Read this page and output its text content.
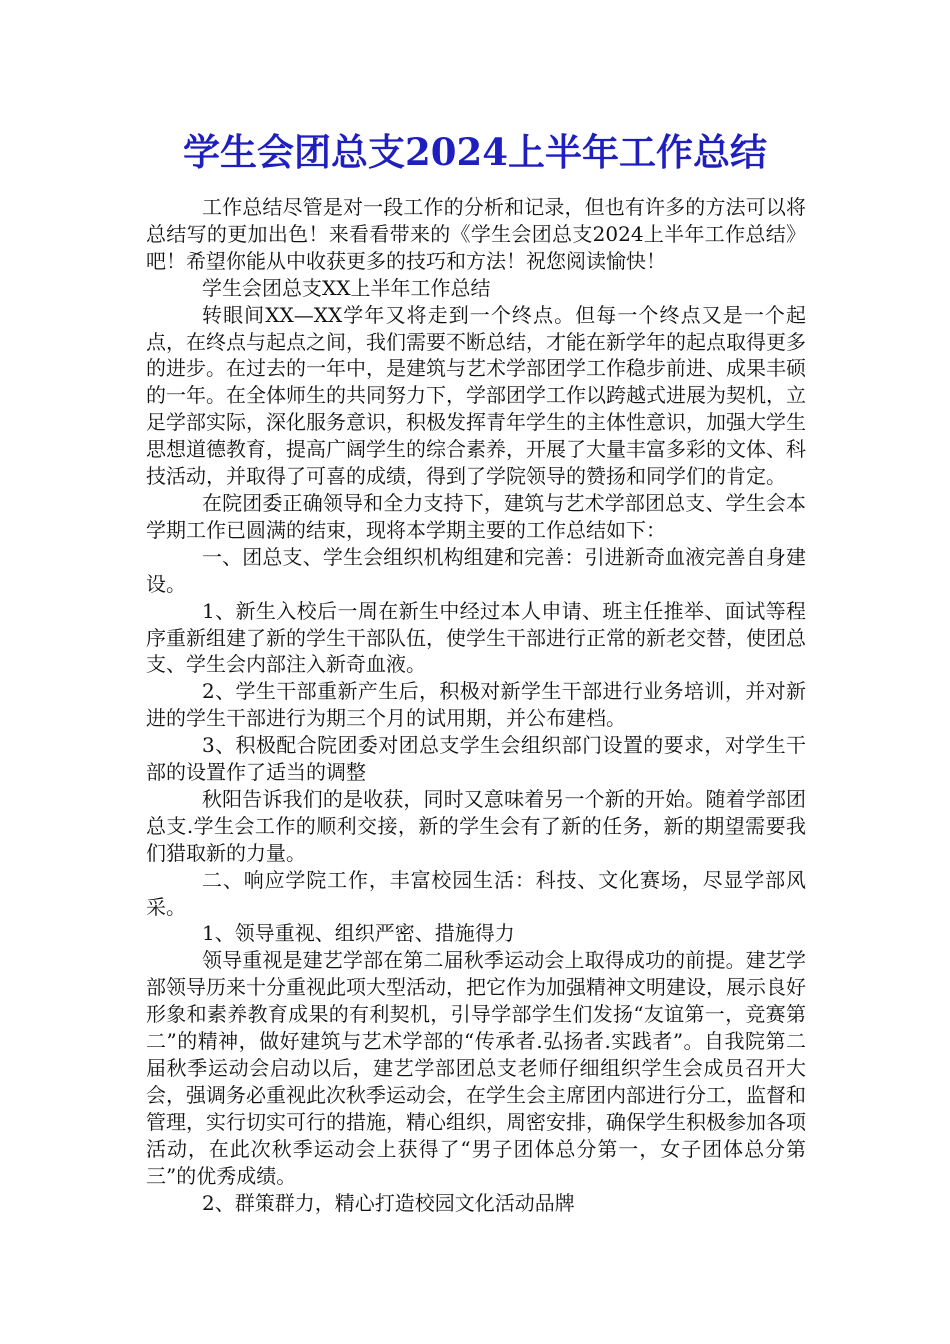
学生会团总支2024上半年工作总结

工作总结尽管是对一段工作的分析和记录，但也有许多的方法可以将总结写的更加出色！来看看带来的《学生会团总支2024上半年工作总结》吧！希望你能从中收获更多的技巧和方法！祝您阅读愉快！

学生会团总支XX上半年工作总结

转眼间XX—XX学年又将走到一个终点。但每一个终点又是一个起点，在终点与起点之间，我们需要不断总结，才能在新学年的起点取得更多的进步。在过去的一年中，是建筑与艺术学部团学工作稳步前进、成果丰硕的一年。在全体师生的共同努力下，学部团学工作以跨越式进展为契机，立足学部实际，深化服务意识，积极发挥青年学生的主体性意识，加强大学生思想道德教育，提高广阔学生的综合素养，开展了大量丰富多彩的文体、科技活动，并取得了可喜的成绩，得到了学院领导的赞扬和同学们的肯定。

在院团委正确领导和全力支持下，建筑与艺术学部团总支、学生会本学期工作已圆满的结束，现将本学期主要的工作总结如下：

一、团总支、学生会组织机构组建和完善：引进新奇血液完善自身建设。

1、新生入校后一周在新生中经过本人申请、班主任推举、面试等程序重新组建了新的学生干部队伍，使学生干部进行正常的新老交替，使团总支、学生会内部注入新奇血液。

2、学生干部重新产生后，积极对新学生干部进行业务培训，并对新进的学生干部进行为期三个月的试用期，并公布建档。

3、积极配合院团委对团总支学生会组织部门设置的要求，对学生干部的设置作了适当的调整

秋阳告诉我们的是收获，同时又意味着另一个新的开始。随着学部团总支.学生会工作的顺利交接，新的学生会有了新的任务，新的期望需要我们猎取新的力量。

二、响应学院工作，丰富校园生活：科技、文化赛场，尽显学部风采。

1、领导重视、组织严密、措施得力

领导重视是建艺学部在第二届秋季运动会上取得成功的前提。建艺学部领导历来十分重视此项大型活动，把它作为加强精神文明建设，展示良好形象和素养教育成果的有利契机，引导学部学生们发扬“友谊第一，竞赛第二”的精神，做好建筑与艺术学部的“传承者.弘扬者.实践者”。自我院第二届秋季运动会启动以后，建艺学部团总支老师仔细组织学生会成员召开大会，强调务必重视此次秋季运动会，在学生会主席团内部进行分工，监督和管理，实行切实可行的措施，精心组织，周密安排，确保学生积极参加各项活动，在此次秋季运动会上获得了“男子团体总分第一，女子团体总分第三”的优秀成绩。

2、群策群力，精心打造校园文化活动品牌
